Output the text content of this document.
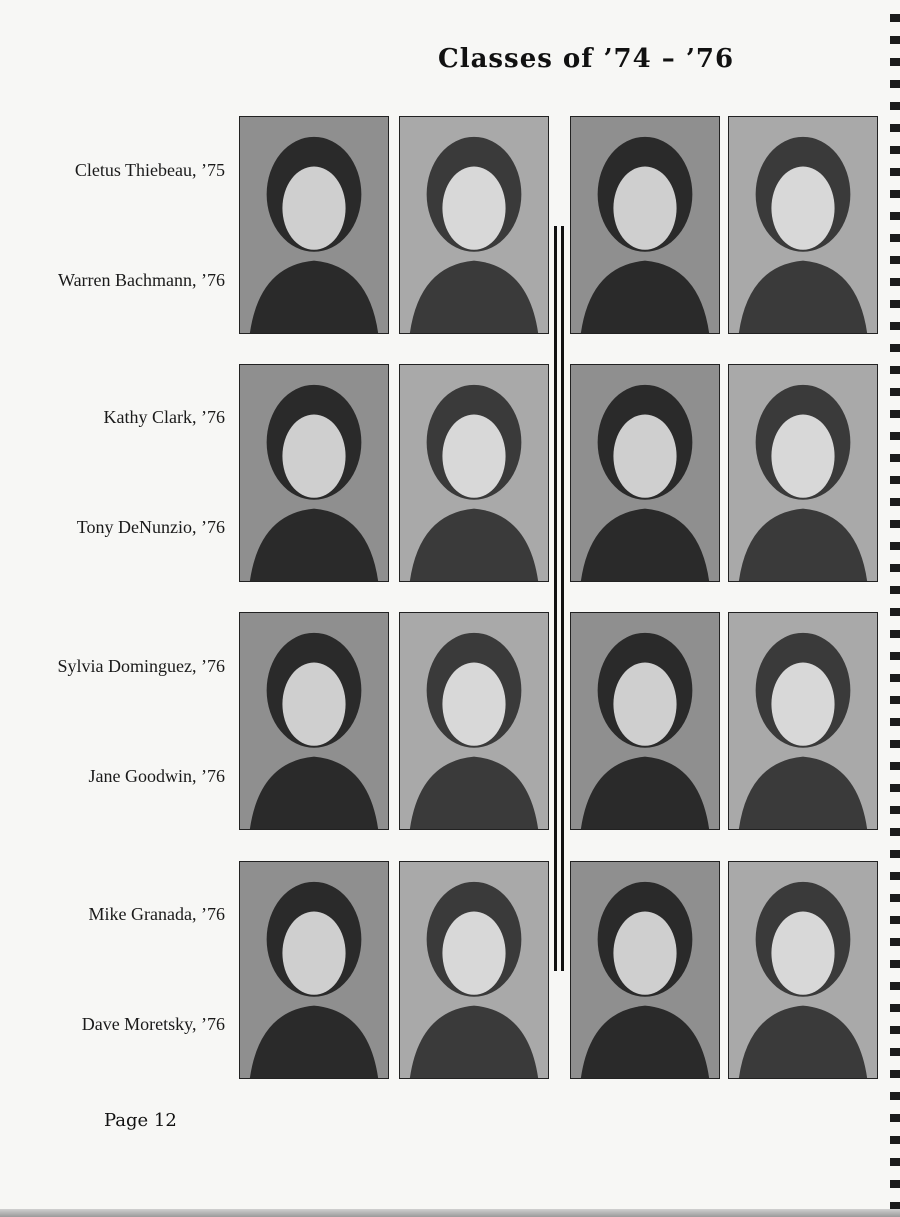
Classes of ’74 – ’76
Cletus Thiebeau, ’75
Warren Bachmann, ’76
Kathy Clark, ’76
Tony DeNunzio, ’76
Sylvia Dominguez, ’76
Jane Goodwin, ’76
Mike Granada, ’76
Dave Moretsky, ’76
Page 12
